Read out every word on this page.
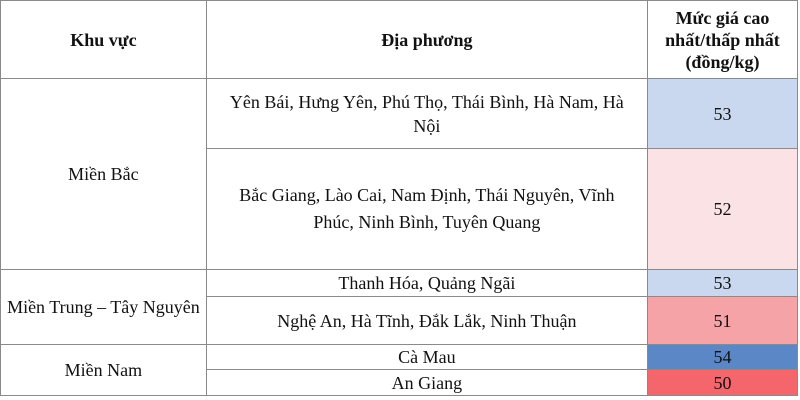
Khu vực	Địa phương	Mức giá cao nhất/thấp nhất (đồng/kg)
Miền Bắc	Yên Bái, Hưng Yên, Phú Thọ, Thái Bình, Hà Nam, Hà Nội	53
	Bắc Giang, Lào Cai, Nam Định, Thái Nguyên, Vĩnh Phúc, Ninh Bình, Tuyên Quang	52
Miền Trung – Tây Nguyên	Thanh Hóa, Quảng Ngãi	53
	Nghệ An, Hà Tĩnh, Đắk Lắk, Ninh Thuận	51
Miền Nam	Cà Mau	54
	An Giang	50
